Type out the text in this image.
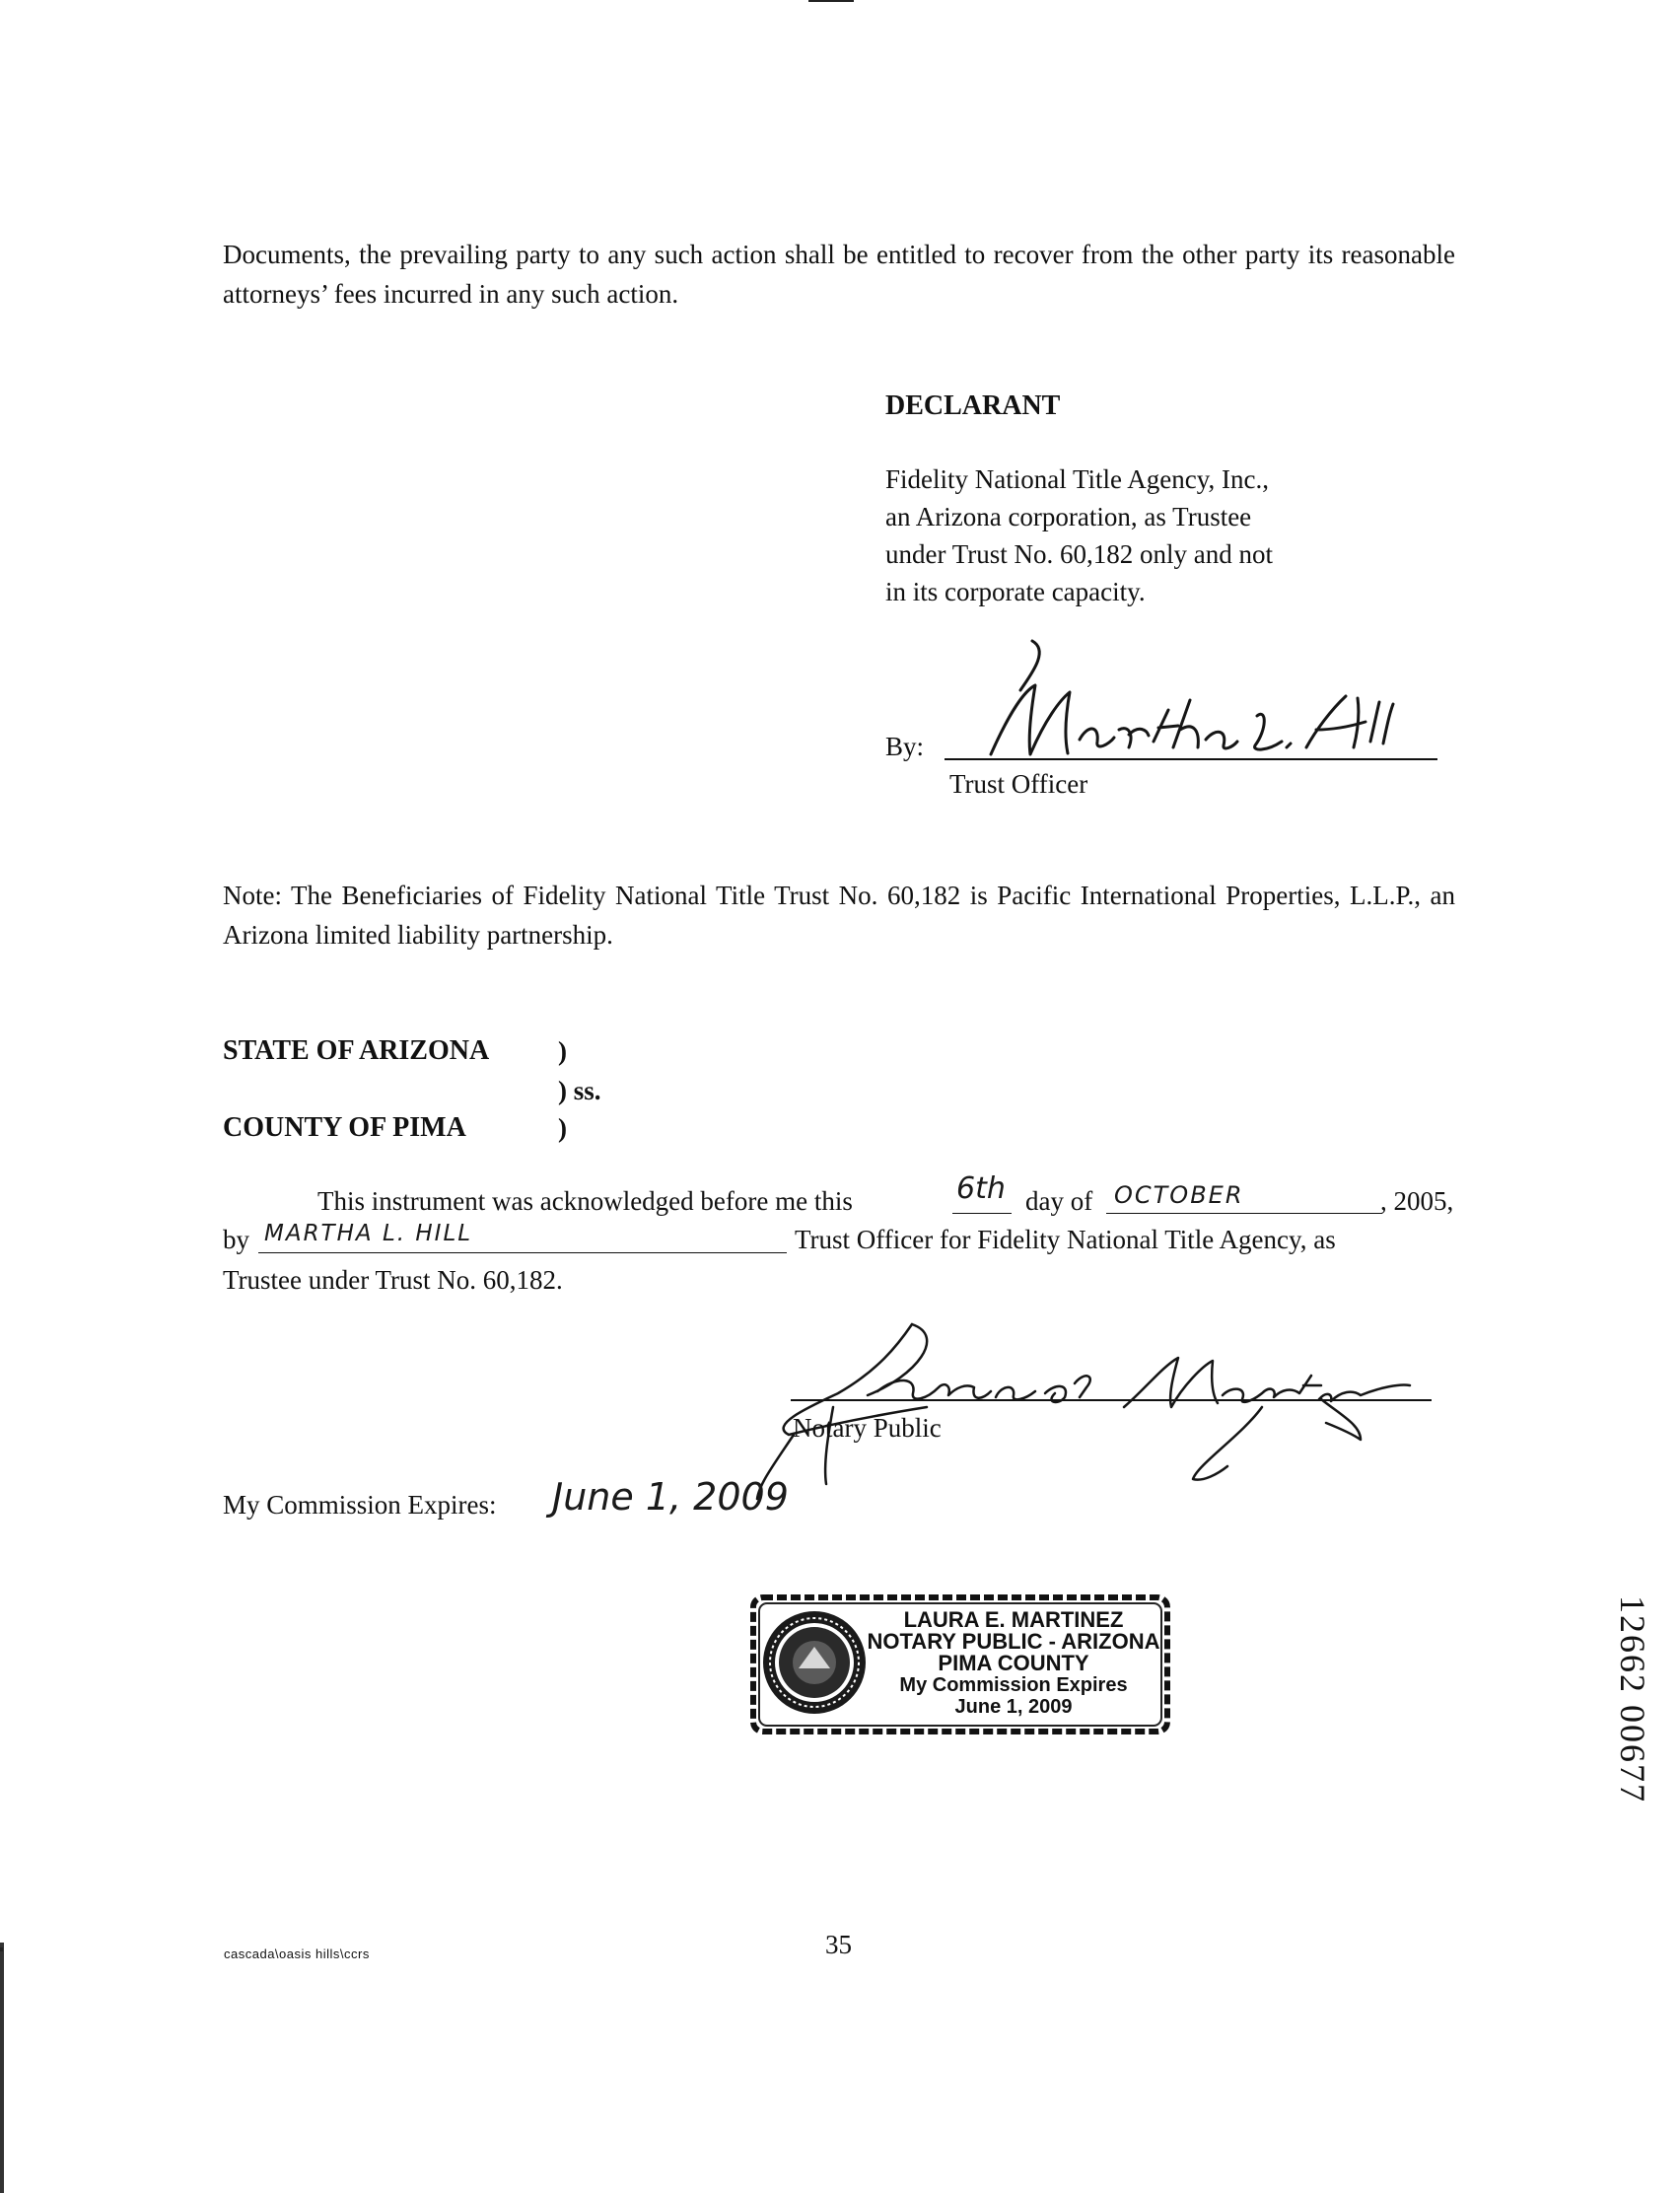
Documents, the prevailing party to any such action shall be entitled to recover from the other party its reasonable attorneys’ fees incurred in any such action.
DECLARANT
Fidelity National Title Agency, Inc.,
an Arizona corporation, as Trustee
under Trust No. 60,182 only and not
in its corporate capacity.
By:
Trust Officer
Note: The Beneficiaries of Fidelity National Title Trust No. 60,182 is Pacific International Properties, L.L.P., an Arizona limited liability partnership.
STATE OF ARIZONA	)
) ss.
COUNTY OF PIMA	)
This instrument was acknowledged before me this	6th day of OCTOBER	, 2005,
by MARTHA L. HILL	Trust Officer for Fidelity National Title Agency, as
Trustee under Trust No. 60,182.
Notary Public
My Commission Expires: June 1, 2009
LAURA E. MARTINEZ
NOTARY PUBLIC - ARIZONA
PIMA COUNTY
My Commission Expires
June 1, 2009	12662 00677
cascada\oasis hills\ccrs	35
